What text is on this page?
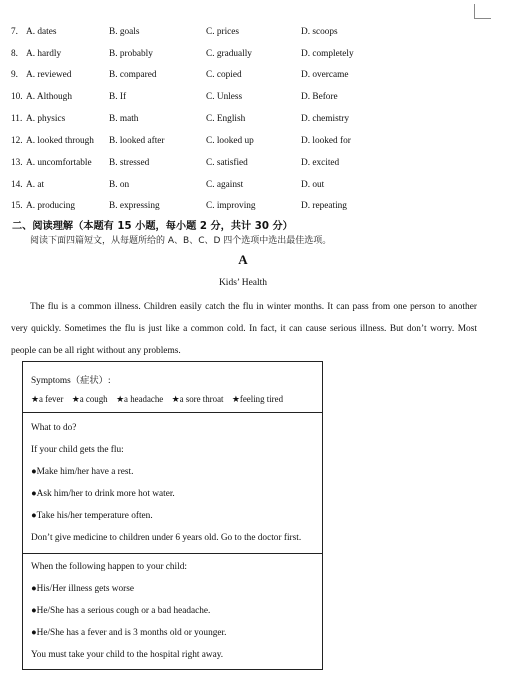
7. A. dates	B. goals	C. prices	D. scoops
8. A. hardly	B. probably	C. gradually	D. completely
9. A. reviewed	B. compared	C. copied	D. overcame
10. A. Although	B. If	C. Unless	D. Before
11. A. physics	B. math	C. English	D. chemistry
12. A. looked through B. looked after	C. looked up	D. looked for
13. A. uncomfortable B. stressed	C. satisfied	D. excited
14. A. at	B. on	C. against	D. out
15. A. producing	B. expressing	C. improving	D. repeating
二、阅读理解（本题有 15 小题，每小题 2 分，共计 30 分）
阅读下面四篇短文，从每题所给的 A、B、C、D 四个选项中选出最佳选项。
A
Kids’ Health
The flu is a common illness. Children easily catch the flu in winter months. It can pass from one person to another very quickly. Sometimes the flu is just like a common cold. In fact, it can cause serious illness. But don’t worry. Most people can be all right without any problems.
Symptoms（症状）:
★ a fever ★ a cough ★ a headache ★ a sore throat ★ feeling tired
What to do?
If your child gets the flu:
● Make him/her have a rest.
● Ask him/her to drink more hot water.
● Take his/her temperature often.
Don’t give medicine to children under 6 years old. Go to the doctor first.
When the following happen to your child:
● His/Her illness gets worse
● He/She has a serious cough or a bad headache.
● He/She has a fever and is 3 months old or younger.
You must take your child to the hospital right away.
